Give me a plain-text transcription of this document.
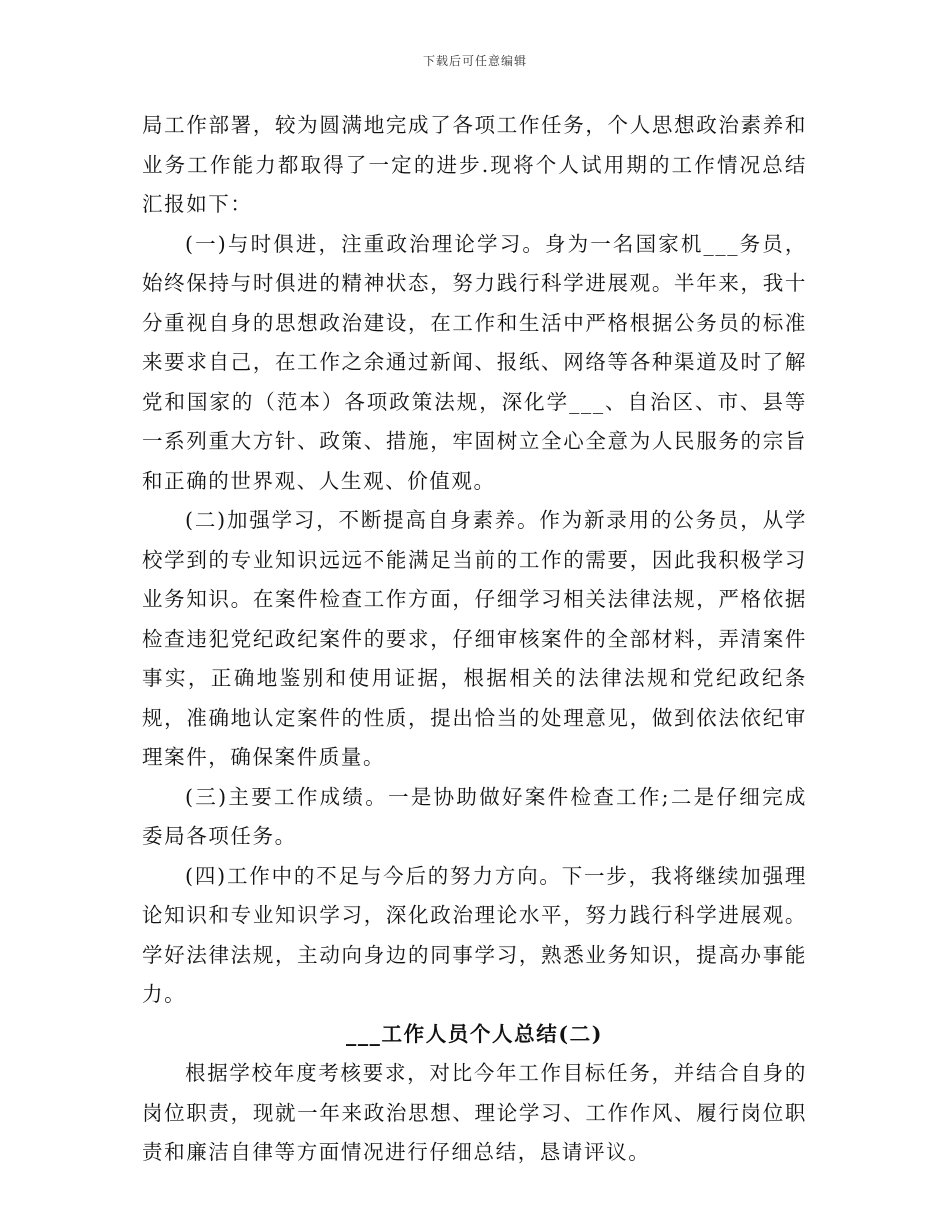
下载后可任意编辑

局工作部署，较为圆满地完成了各项工作任务，个人思想政治素养和业务工作能力都取得了一定的进步.现将个人试用期的工作情况总结汇报如下：

(一)与时俱进，注重政治理论学习。身为一名国家机___务员，始终保持与时俱进的精神状态，努力践行科学进展观。半年来，我十分重视自身的思想政治建设，在工作和生活中严格根据公务员的标准来要求自己，在工作之余通过新闻、报纸、网络等各种渠道及时了解党和国家的（范本）各项政策法规，深化学___、自治区、市、县等一系列重大方针、政策、措施，牢固树立全心全意为人民服务的宗旨和正确的世界观、人生观、价值观。

(二)加强学习，不断提高自身素养。作为新录用的公务员，从学校学到的专业知识远远不能满足当前的工作的需要，因此我积极学习业务知识。在案件检查工作方面，仔细学习相关法律法规，严格依据检查违犯党纪政纪案件的要求，仔细审核案件的全部材料，弄清案件事实，正确地鉴别和使用证据，根据相关的法律法规和党纪政纪条规，准确地认定案件的性质，提出恰当的处理意见，做到依法依纪审理案件，确保案件质量。

(三)主要工作成绩。一是协助做好案件检查工作;二是仔细完成委局各项任务。

(四)工作中的不足与今后的努力方向。下一步，我将继续加强理论知识和专业知识学习，深化政治理论水平，努力践行科学进展观。学好法律法规，主动向身边的同事学习，熟悉业务知识，提高办事能力。

___工作人员个人总结(二)

根据学校年度考核要求，对比今年工作目标任务，并结合自身的岗位职责，现就一年来政治思想、理论学习、工作作风、履行岗位职责和廉洁自律等方面情况进行仔细总结，恳请评议。
